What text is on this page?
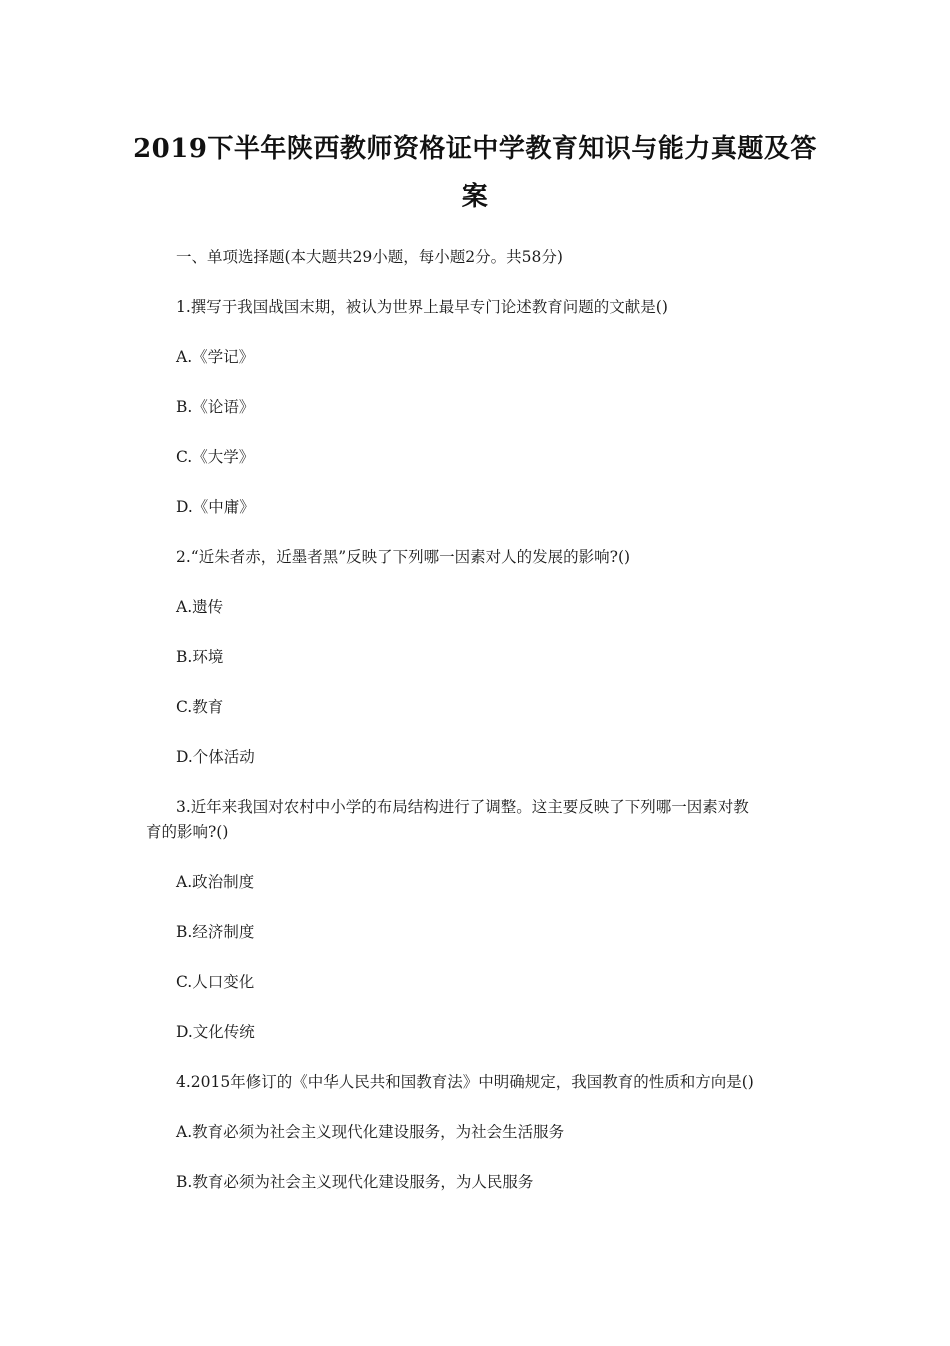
2019下半年陕西教师资格证中学教育知识与能力真题及答
案
一、单项选择题(本大题共29小题，每小题2分。共58分)
1.撰写于我国战国末期，被认为世界上最早专门论述教育问题的文献是()
A.《学记》
B.《论语》
C.《大学》
D.《中庸》
2.“近朱者赤，近墨者黑”反映了下列哪一因素对人的发展的影响?()
A.遗传
B.环境
C.教育
D.个体活动
3.近年来我国对农村中小学的布局结构进行了调整。这主要反映了下列哪一因素对教
育的影响?()
A.政治制度
B.经济制度
C.人口变化
D.文化传统
4.2015年修订的《中华人民共和国教育法》中明确规定，我国教育的性质和方向是()
A.教育必须为社会主义现代化建设服务，为社会生活服务
B.教育必须为社会主义现代化建设服务，为人民服务
